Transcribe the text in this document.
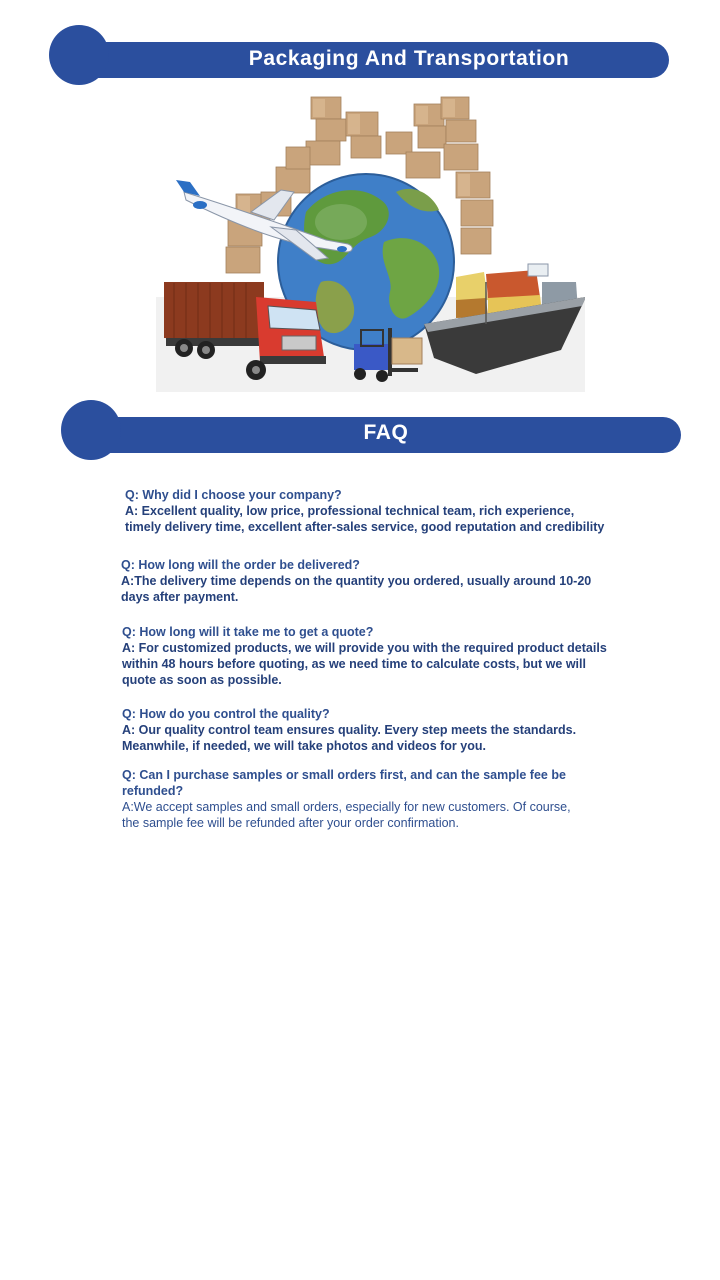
Packaging And Transportation
FAQ

Q: Why did I choose your company?

A: Excellent quality, low price, professional technical team, rich experience,

timely delivery time, excellent after-sales service, good reputation and credibility

Q: How long will the order be delivered?

A:The delivery time depends on the quantity you ordered, usually around 10-20

days after payment.

Q: How long will it take me to get a quote?

A: For customized products, we will provide you with the required product details

within 48 hours before quoting, as we need time to calculate costs, but we will

quote as soon as possible.

Q: How do you control the quality?

A: Our quality control team ensures quality. Every step meets the standards.

Meanwhile, if needed, we will take photos and videos for you.

Q: Can I purchase samples or small orders first, and can the sample fee be

refunded?

A:We accept samples and small orders, especially for new customers. Of course,

the sample fee will be refunded after your order confirmation.
